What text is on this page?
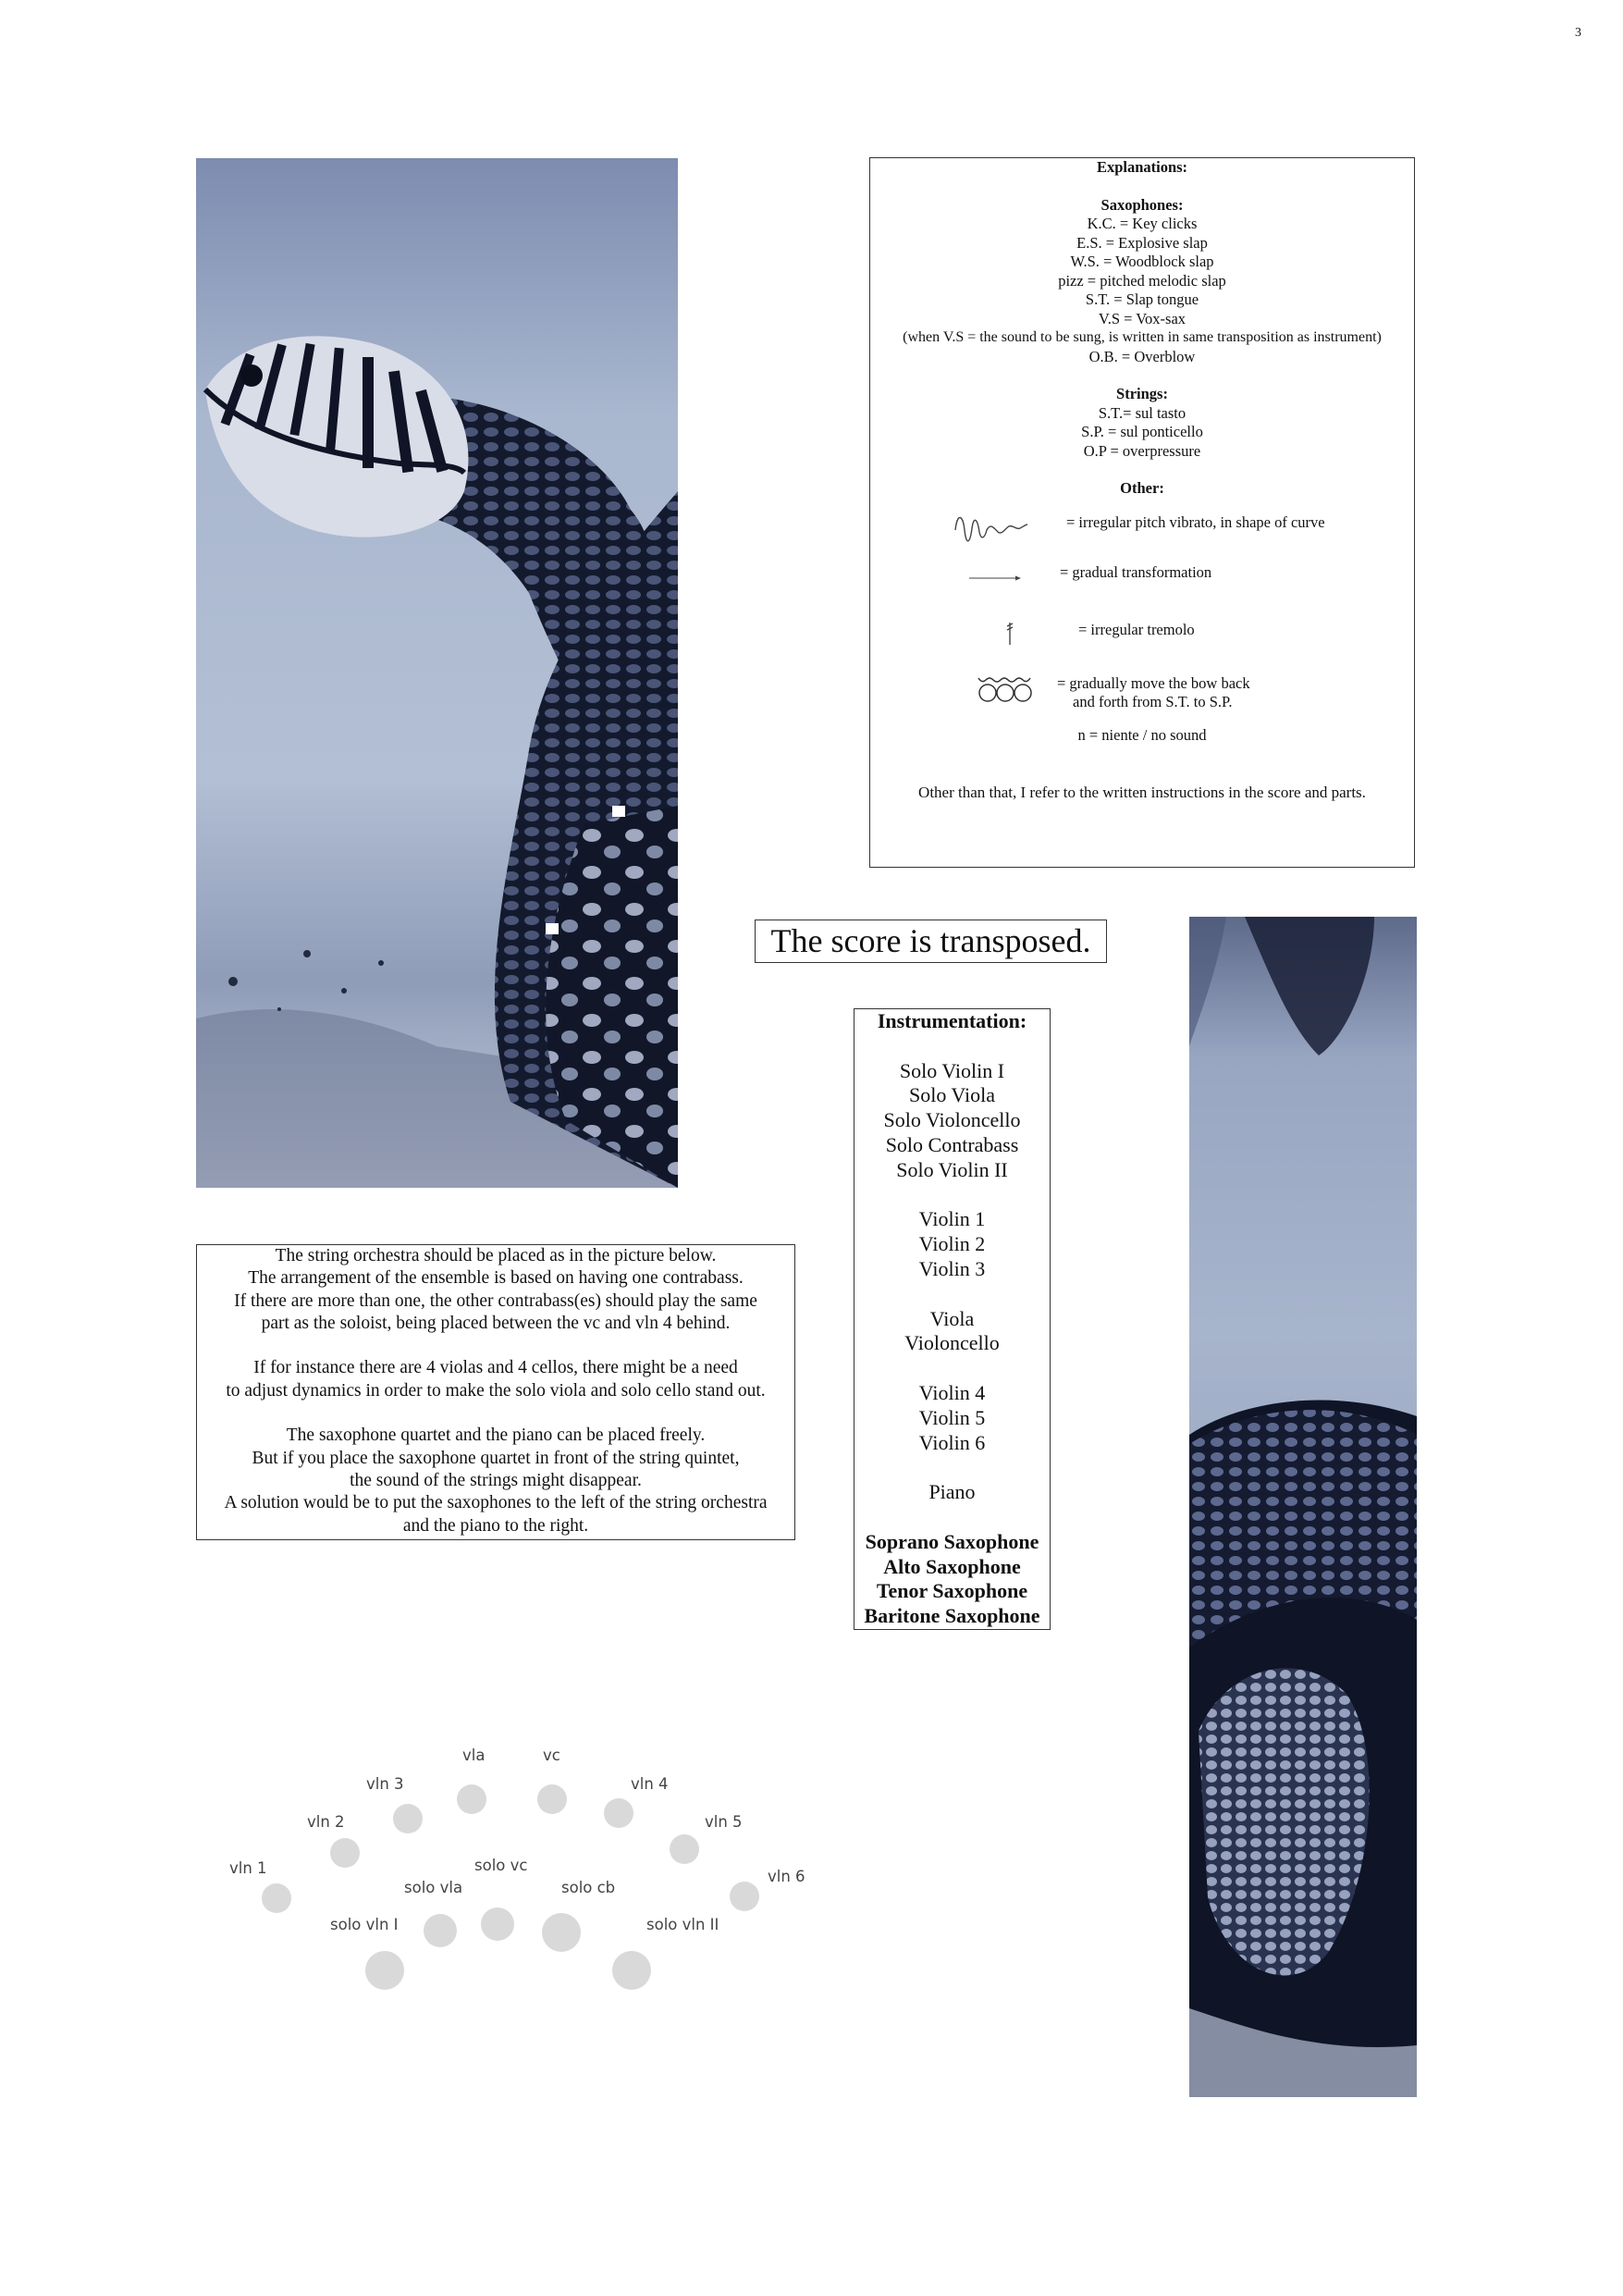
3
Explanations:
Saxophones:
K.C. = Key clicks
E.S. = Explosive slap
W.S. = Woodblock slap
pizz = pitched melodic slap
S.T. = Slap tongue
V.S = Vox-sax
(when V.S = the sound to be sung, is written in same transposition as instrument)
O.B. = Overblow
Strings:
S.T.= sul tasto
S.P. = sul ponticello
O.P = overpressure
Other:
= irregular pitch vibrato, in shape of curve
= gradual transformation
= irregular tremolo
= gradually move the bow back
and forth from S.T. to S.P.
n = niente / no sound
Other than that, I refer to the written instructions in the score and parts.
The score is transposed.
Instrumentation:
Solo Violin I
Solo Viola
Solo Violoncello
Solo Contrabass
Solo Violin II
Violin 1
Violin 2
Violin 3
Viola
Violoncello
Violin 4
Violin 5
Violin 6
Piano
Soprano Saxophone
Alto Saxophone
Tenor Saxophone
Baritone Saxophone
The string orchestra should be placed as in the picture below.
The arrangement of the ensemble is based on having one contrabass.
If there are more than one, the other contrabass(es) should play the same
part as the soloist, being placed between the vc and vln 4 behind.
If for instance there are 4 violas and 4 cellos, there might be a need
to adjust dynamics in order to make the solo viola and solo cello stand out.
The saxophone quartet and the piano can be placed freely.
But if you place the saxophone quartet in front of the string quintet,
the sound of the strings might disappear.
A solution would be to put the saxophones to the left of the string orchestra
and the piano to the right.
vla	vc
vln 3	vln 4
vln 2	vln 5
vln 1	vln 6
solo vc
solo vla	solo cb
solo vln I	solo vln II
